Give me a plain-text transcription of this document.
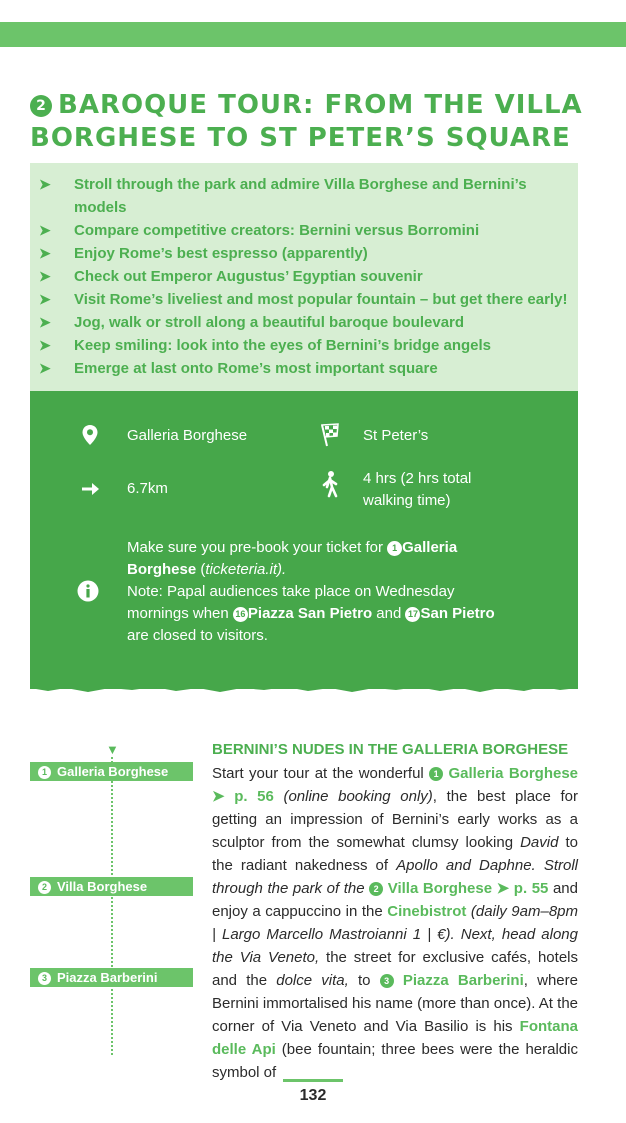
2 BAROQUE TOUR: FROM THE VILLA BORGHESE TO ST PETER’S SQUARE
➤ Stroll through the park and admire Villa Borghese and Bernini’s models
➤ Compare competitive creators: Bernini versus Borromini
➤ Enjoy Rome’s best espresso (apparently)
➤ Check out Emperor Augustus’ Egyptian souvenir
➤ Visit Rome’s liveliest and most popular fountain – but get there early!
➤ Jog, walk or stroll along a beautiful baroque boulevard
➤ Keep smiling: look into the eyes of Bernini’s bridge angels
➤ Emerge at last onto Rome’s most important square
Galleria Borghese	St Peter’s
6.7km
4 hrs (2 hrs total walking time)
Make sure you pre-book your ticket for 1 Galleria Borghese (ticketeria.it).
Note: Papal audiences take place on Wednesday mornings when 16 Piazza San Pietro and 17 San Pietro are closed to visitors.
▼
1 Galleria Borghese
2 Villa Borghese
3 Piazza Barberini
BERNINI’S NUDES IN THE GALLERIA BORGHESE

Start your tour at the wonderful 1 Galleria Borghese ➤ p. 56 (online booking only), the best place for getting an impression of Bernini’s early works as a sculptor from the somewhat clumsy looking David to the radiant nakedness of Apollo and Daphne. Stroll through the park of the 2 Villa Borghese ➤ p. 55 and enjoy a cappuccino in the Cinebistrot (daily 9am–8pm | Largo Marcello Mastroianni 1 | €). Next, head along the Via Veneto, the street for exclusive cafés, hotels and the dolce vita, to 3 Piazza Barberini, where Bernini immortalised his name (more than once). At the corner of Via Veneto and Via Basilio is his Fontana delle Api (bee fountain; three bees were the heraldic symbol of

132
